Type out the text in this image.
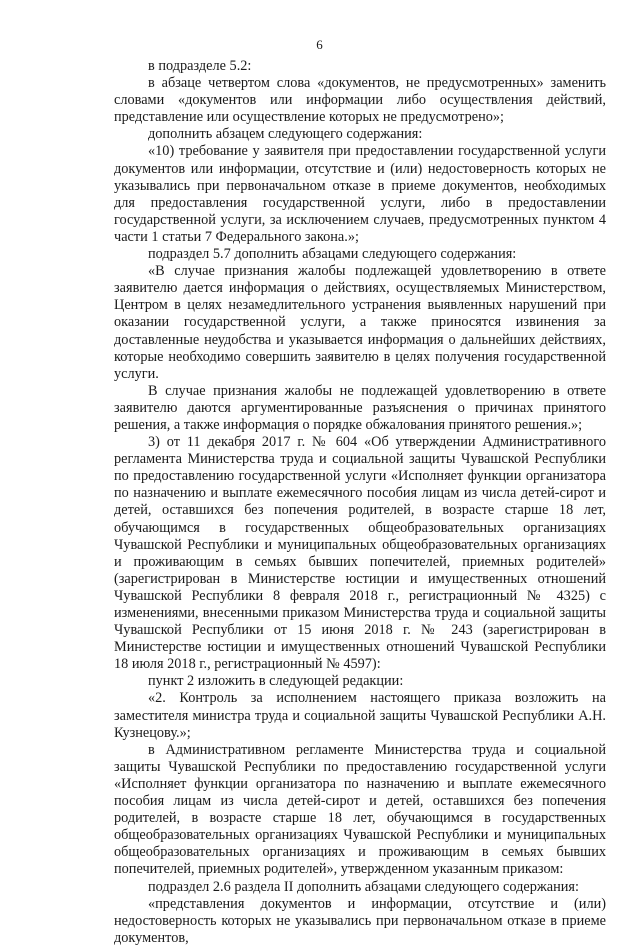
6

в подразделе 5.2:

в абзаце четвертом слова «документов, не предусмотренных» заменить словами «документов или информации либо осуществления действий, представление или осуществление которых не предусмотрено»;

дополнить абзацем следующего содержания:

«10) требование у заявителя при предоставлении государственной услуги документов или информации, отсутствие и (или) недостоверность которых не указывались при первоначальном отказе в приеме документов, необходимых для предоставления государственной услуги, либо в предоставлении государственной услуги, за исключением случаев, предусмотренных пунктом 4 части 1 статьи 7 Федерального закона.»;

подраздел 5.7 дополнить абзацами следующего содержания:

«В случае признания жалобы подлежащей удовлетворению в ответе заявителю дается информация о действиях, осуществляемых Министерством, Центром в целях незамедлительного устранения выявленных нарушений при оказании государственной услуги, а также приносятся извинения за доставленные неудобства и указывается информация о дальнейших действиях, которые необходимо совершить заявителю в целях получения государственной услуги.

В случае признания жалобы не подлежащей удовлетворению в ответе заявителю даются аргументированные разъяснения о причинах принятого решения, а также информация о порядке обжалования принятого решения.»;

3) от 11 декабря 2017 г. № 604 «Об утверждении Административного регламента Министерства труда и социальной защиты Чувашской Республики по предоставлению государственной услуги «Исполняет функции организатора по назначению и выплате ежемесячного пособия лицам из числа детей-сирот и детей, оставшихся без попечения родителей, в возрасте старше 18 лет, обучающимся в государственных общеобразовательных организациях Чувашской Республики и муниципальных общеобразовательных организациях и проживающим в семьях бывших попечителей, приемных родителей» (зарегистрирован в Министерстве юстиции и имущественных отношений Чувашской Республики 8 февраля 2018 г., регистрационный № 4325) с изменениями, внесенными приказом Министерства труда и социальной защиты Чувашской Республики от 15 июня 2018 г. № 243 (зарегистрирован в Министерстве юстиции и имущественных отношений Чувашской Республики 18 июля 2018 г., регистрационный № 4597):

пункт 2 изложить в следующей редакции:

«2. Контроль за исполнением настоящего приказа возложить на заместителя министра труда и социальной защиты Чувашской Республики А.Н. Кузнецову.»;

в Административном регламенте Министерства труда и социальной защиты Чувашской Республики по предоставлению государственной услуги «Исполняет функции организатора по назначению и выплате ежемесячного пособия лицам из числа детей-сирот и детей, оставшихся без попечения родителей, в возрасте старше 18 лет, обучающимся в государственных общеобразовательных организациях Чувашской Республики и муниципальных общеобразовательных организациях и проживающим в семьях бывших попечителей, приемных родителей», утвержденном указанным приказом:

подраздел 2.6 раздела II дополнить абзацами следующего содержания:

«представления документов и информации, отсутствие и (или) недостоверность которых не указывались при первоначальном отказе в приеме документов,
